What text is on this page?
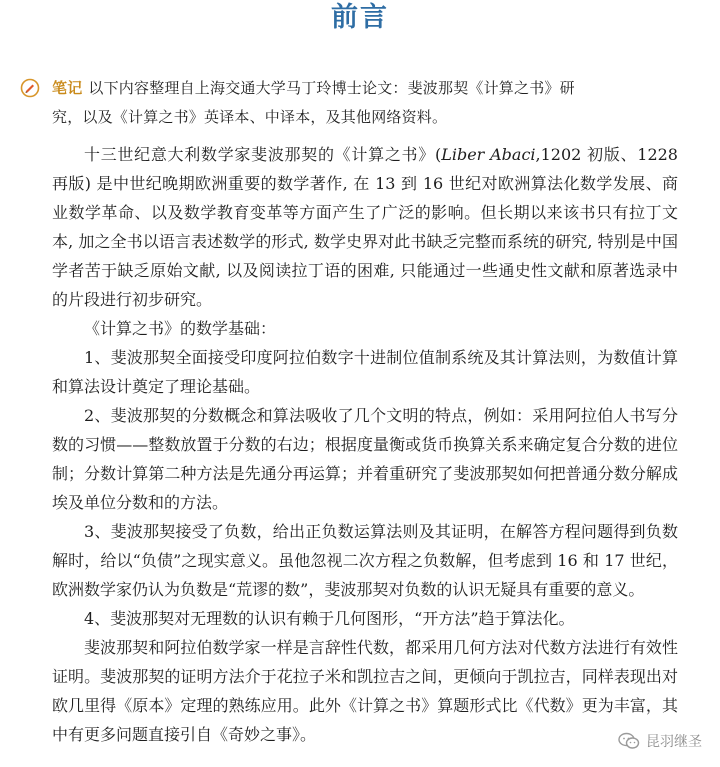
前言
笔记 以下内容整理自上海交通大学马丁玲博士论文：斐波那契《计算之书》研
究，以及《计算之书》英译本、中译本，及其他网络资料。

十三世纪意大利数学家斐波那契的《计算之书》(Liber Abaci,1202 初版、1228 再版) 是中世纪晚期欧洲重要的数学著作, 在 13 到 16 世纪对欧洲算法化数学发展、商业数学革命、以及数学教育变革等方面产生了广泛的影响。但长期以来该书只有拉丁文本, 加之全书以语言表述数学的形式, 数学史界对此书缺乏完整而系统的研究, 特别是中国学者苦于缺乏原始文献, 以及阅读拉丁语的困难, 只能通过一些通史性文献和原著选录中的片段进行初步研究。

《计算之书》的数学基础：

1、斐波那契全面接受印度阿拉伯数字十进制位值制系统及其计算法则，为数值计算和算法设计奠定了理论基础。

2、斐波那契的分数概念和算法吸收了几个文明的特点，例如：采用阿拉伯人书写分数的习惯——整数放置于分数的右边；根据度量衡或货币换算关系来确定复合分数的进位制；分数计算第二种方法是先通分再运算；并着重研究了斐波那契如何把普通分数分解成埃及单位分数和的方法。

3、斐波那契接受了负数，给出正负数运算法则及其证明，在解答方程问题得到负数解时，给以“负债”之现实意义。虽他忽视二次方程之负数解，但考虑到 16 和 17 世纪，欧洲数学家仍认为负数是“荒谬的数”，斐波那契对负数的认识无疑具有重要的意义。

4、斐波那契对无理数的认识有赖于几何图形，“开方法”趋于算法化。

斐波那契和阿拉伯数学家一样是言辞性代数，都采用几何方法对代数方法进行有效性证明。斐波那契的证明方法介于花拉子米和凯拉吉之间，更倾向于凯拉吉，同样表现出对欧几里得《原本》定理的熟练应用。此外《计算之书》算题形式比《代数》更为丰富，其中有更多问题直接引自《奇妙之事》。	昆羽继圣
